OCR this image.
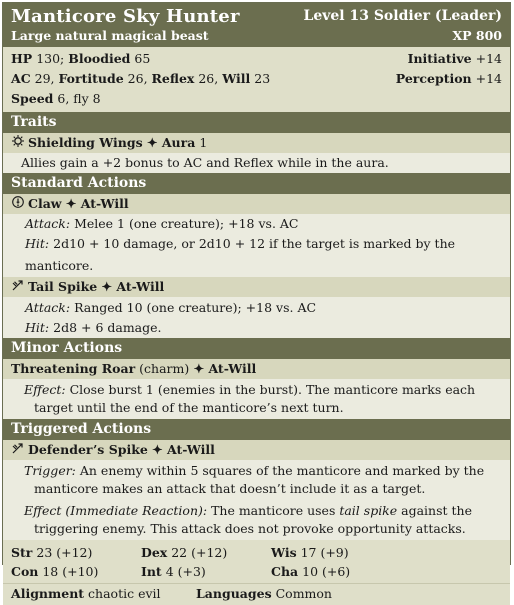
Manticore Sky Hunter
Large natural magical beast
Level 13 Soldier (Leader)
XP 800
HP 130; Bloodied 65	Initiative +14
AC 29, Fortitude 26, Reflex 26, Will 23	Perception +14
Speed 6, fly 8
Traits
Shielding Wings ✦ Aura 1
Allies gain a +2 bonus to AC and Reflex while in the aura.
Standard Actions
Claw ✦ At-Will
Attack: Melee 1 (one creature); +18 vs. AC
Hit: 2d10 + 10 damage, or 2d10 + 12 if the target is marked by the manticore.
Tail Spike ✦ At-Will
Attack: Ranged 10 (one creature); +18 vs. AC
Hit: 2d8 + 6 damage.
Minor Actions
Threatening Roar (charm) ✦ At-Will
Effect: Close burst 1 (enemies in the burst). The manticore marks each target until the end of the manticore’s next turn.
Triggered Actions
Defender’s Spike ✦ At-Will
Trigger: An enemy within 5 squares of the manticore and marked by the manticore makes an attack that doesn’t include it as a target.
Effect (Immediate Reaction): The manticore uses tail spike against the triggering enemy. This attack does not provoke opportunity attacks.
Str 23 (+12)	Dex 22 (+12)	Wis 17 (+9)
Con 18 (+10)	Int 4 (+3)	Cha 10 (+6)
Alignment chaotic evil	Languages Common
